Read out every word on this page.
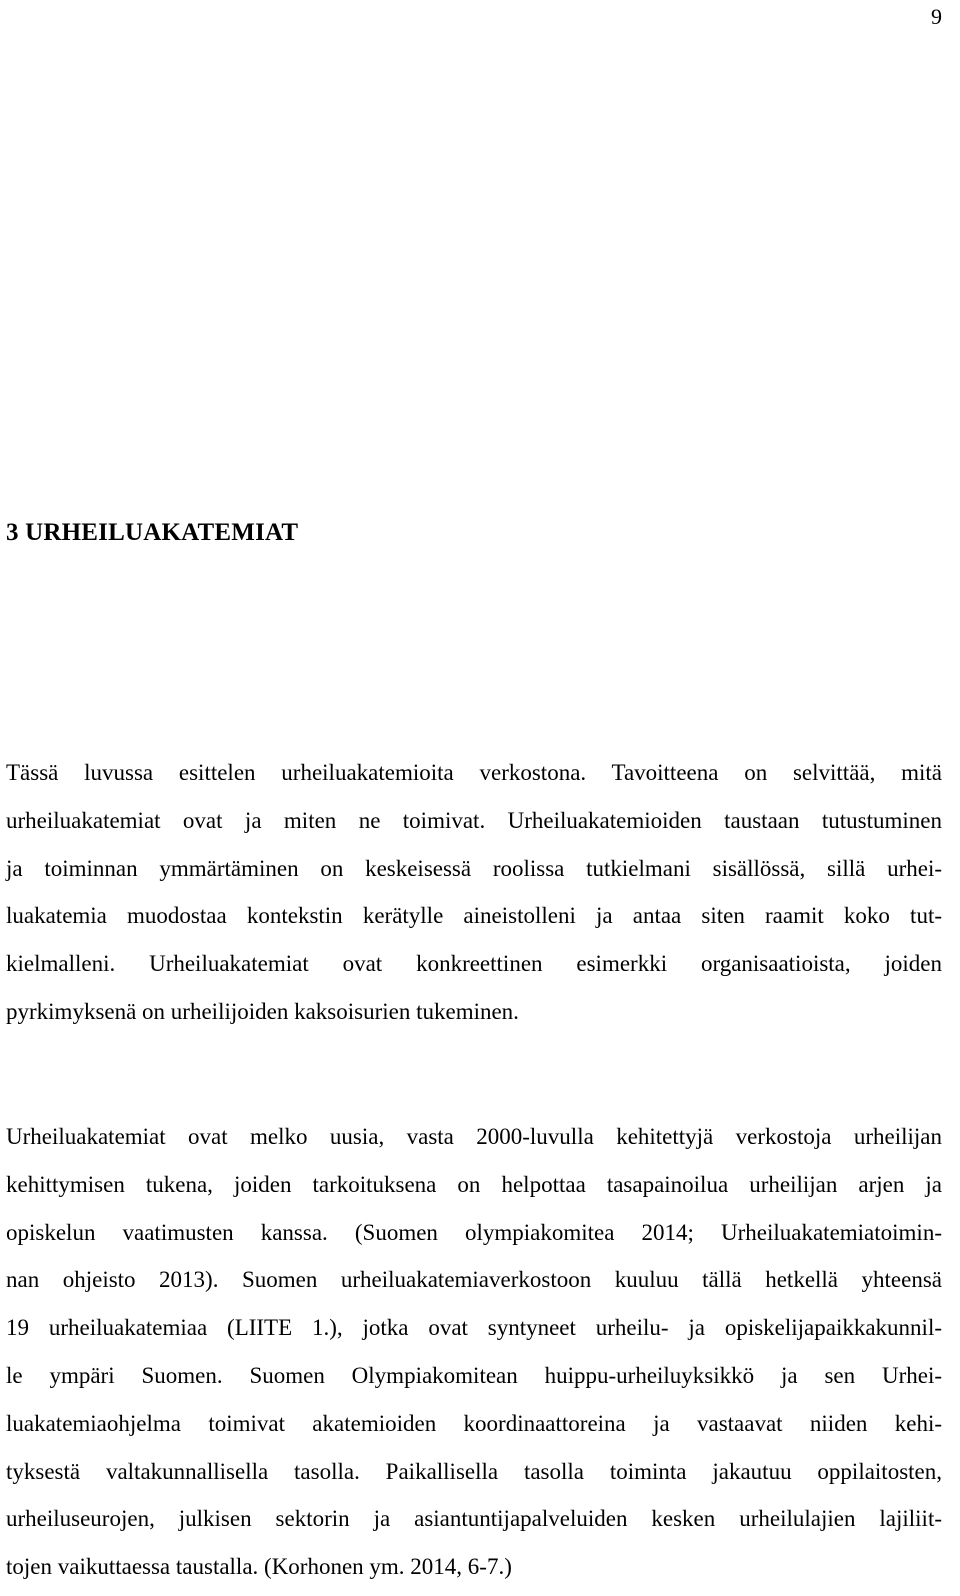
9
3 URHEILUAKATEMIAT
Tässä luvussa esittelen urheiluakatemioita verkostona. Tavoitteena on selvittää, mitä
urheiluakatemiat ovat ja miten ne toimivat. Urheiluakatemioiden taustaan tutustuminen
ja toiminnan ymmärtäminen on keskeisessä roolissa tutkielmani sisällössä, sillä urhei-
luakatemia muodostaa kontekstin kerätylle aineistolleni ja antaa siten raamit koko tut-
kielmalleni. Urheiluakatemiat ovat konkreettinen esimerkki organisaatioista, joiden
pyrkimyksenä on urheilijoiden kaksoisurien tukeminen.
Urheiluakatemiat ovat melko uusia, vasta 2000-luvulla kehitettyjä verkostoja urheilijan
kehittymisen tukena, joiden tarkoituksena on helpottaa tasapainoilua urheilijan arjen ja
opiskelun vaatimusten kanssa. (Suomen olympiakomitea 2014; Urheiluakatemiatoimin-
nan ohjeisto 2013). Suomen urheiluakatemiaverkostoon kuuluu tällä hetkellä yhteensä
19 urheiluakatemiaa (LIITE 1.), jotka ovat syntyneet urheilu- ja opiskelijapaikkakunnil-
le ympäri Suomen. Suomen Olympiakomitean huippu-urheiluyksikkö ja sen Urhei-
luakatemiaohjelma toimivat akatemioiden koordinaattoreina ja vastaavat niiden kehi-
tyksestä valtakunnallisella tasolla. Paikallisella tasolla toiminta jakautuu oppilaitosten,
urheiluseurojen, julkisen sektorin ja asiantuntijapalveluiden kesken urheilulajien lajiliit-
tojen vaikuttaessa taustalla. (Korhonen ym. 2014, 6-7.)
